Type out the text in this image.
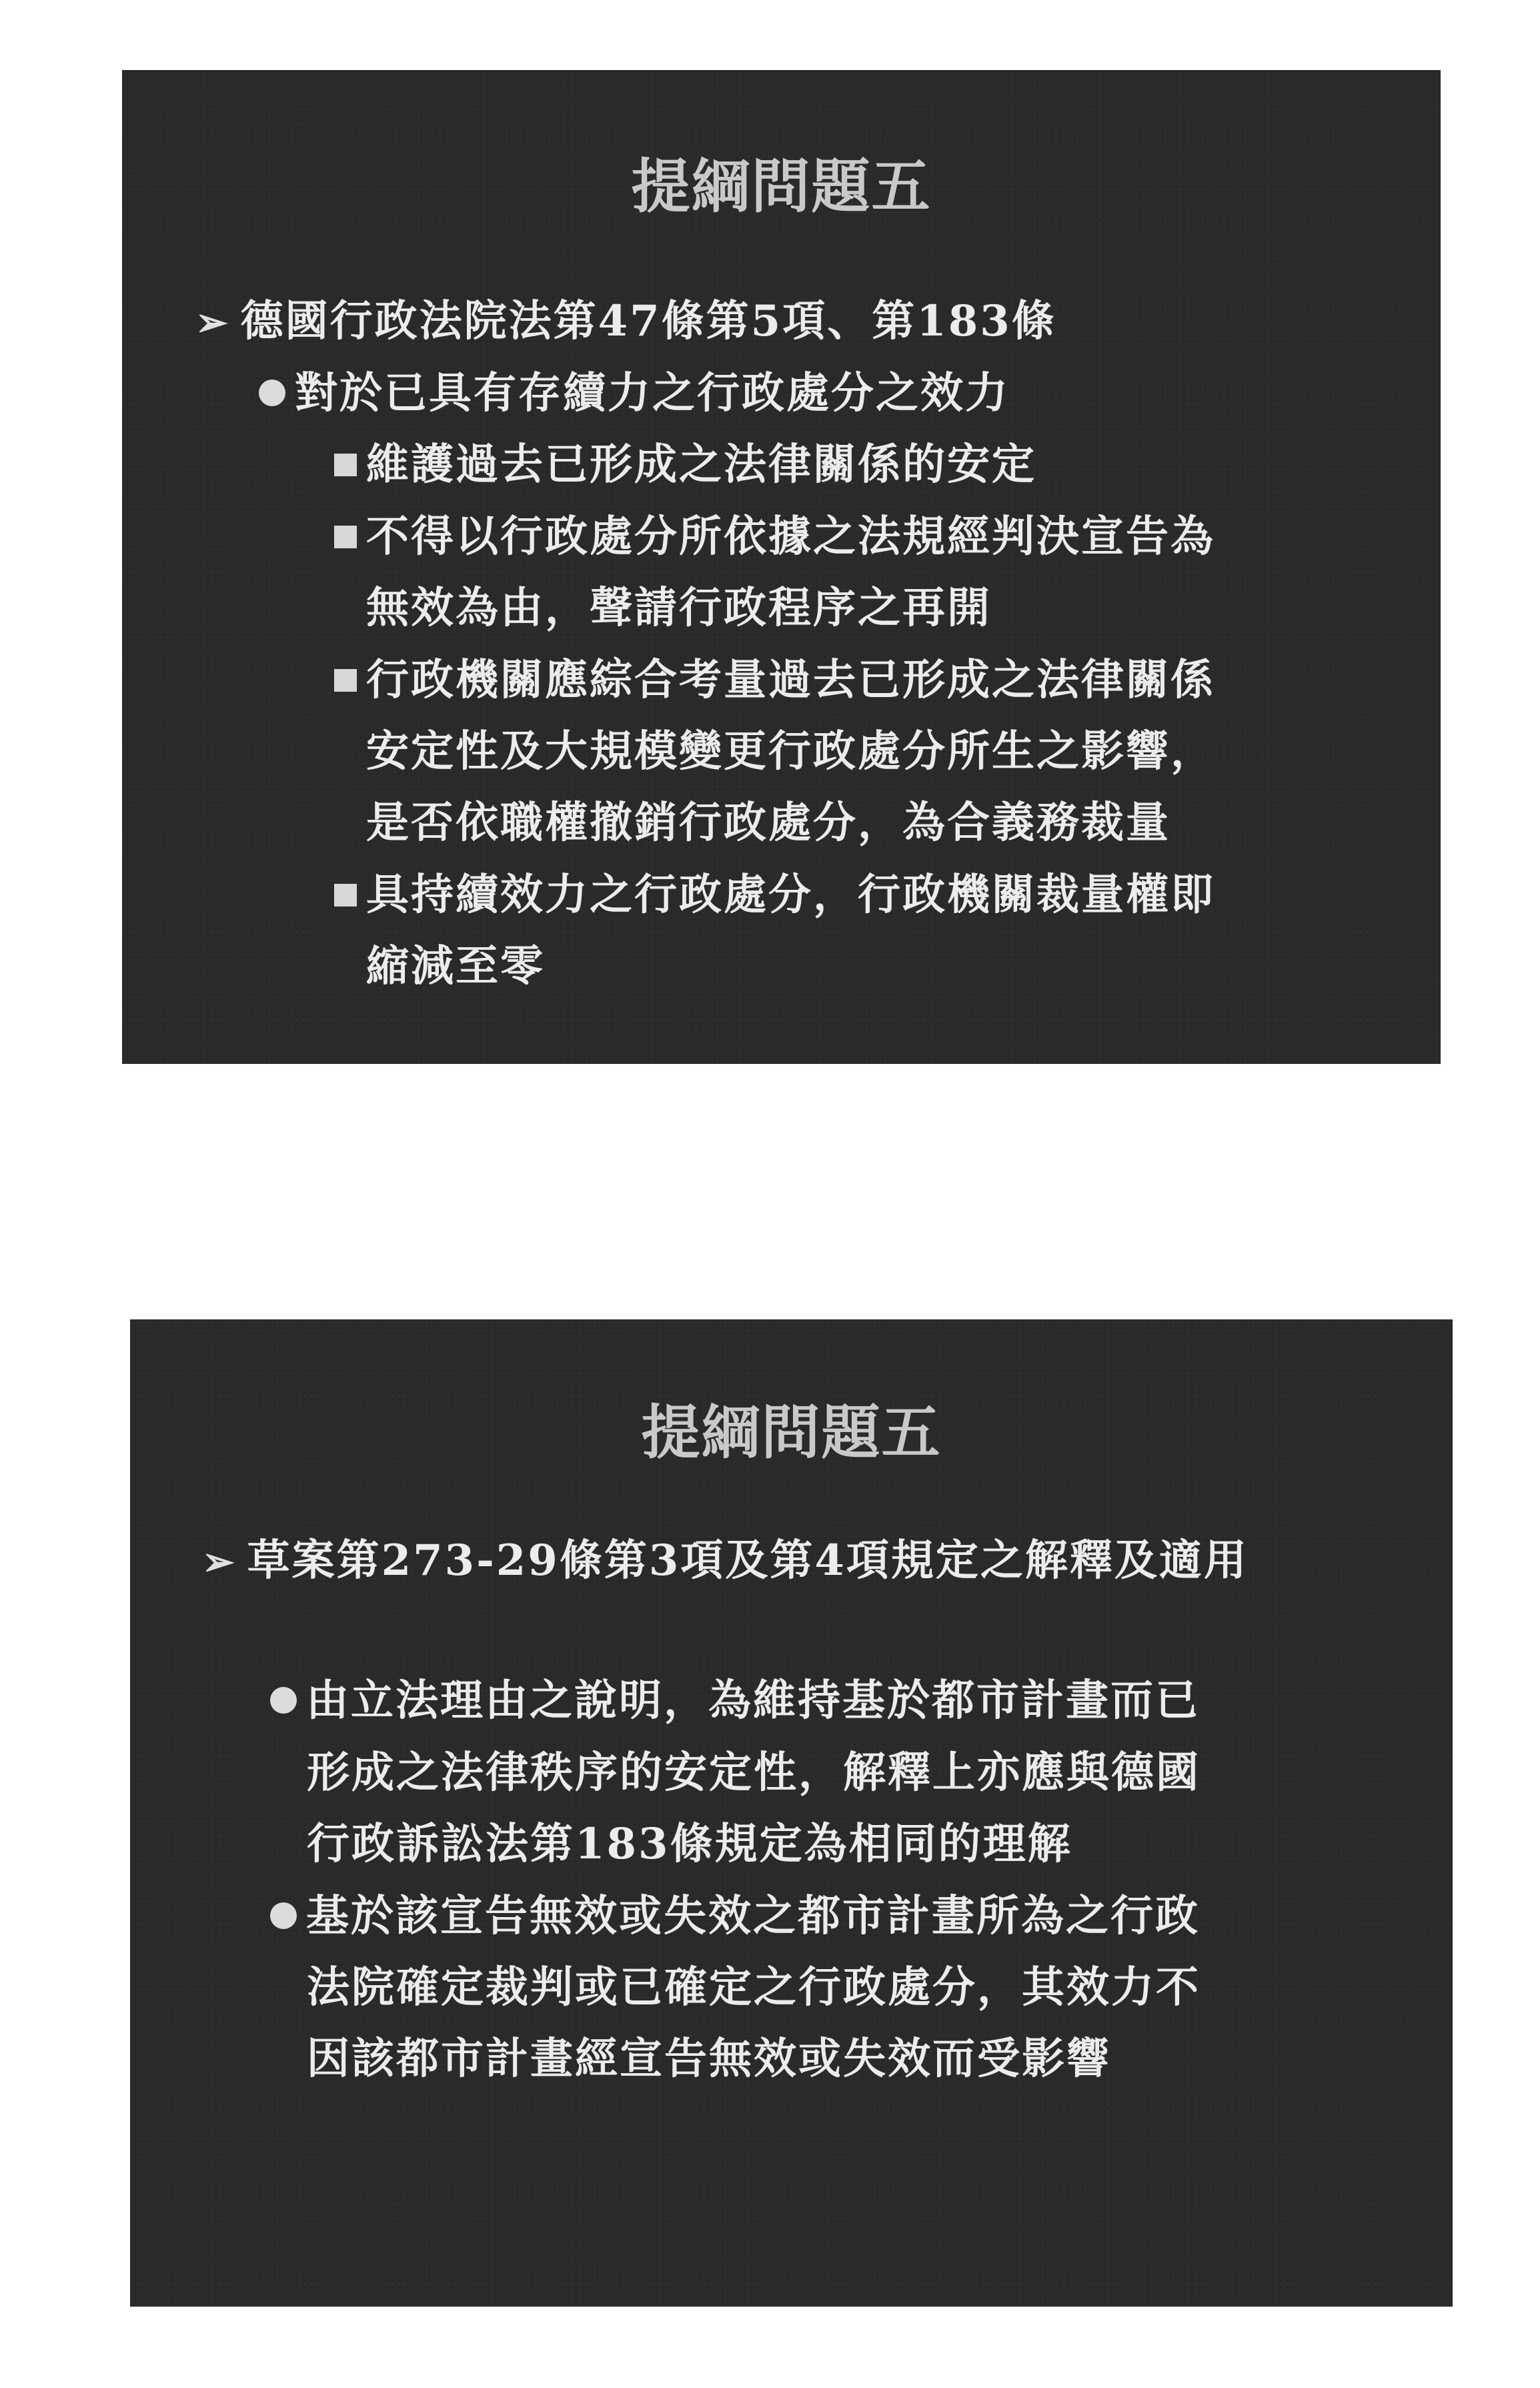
提綱問題五
➢ 德國行政法院法第47條第5項、第183條
對於已具有存續力之行政處分之效力
維護過去已形成之法律關係的安定
不得以行政處分所依據之法規經判決宣告為
無效為由，聲請行政程序之再開
行政機關應綜合考量過去已形成之法律關係
安定性及大規模變更行政處分所生之影響，
是否依職權撤銷行政處分，為合義務裁量
具持續效力之行政處分，行政機關裁量權即
縮減至零
提綱問題五
➢ 草案第273-29條第3項及第4項規定之解釋及適用
由立法理由之說明，為維持基於都市計畫而已
形成之法律秩序的安定性，解釋上亦應與德國
行政訴訟法第183條規定為相同的理解
基於該宣告無效或失效之都市計畫所為之行政
法院確定裁判或已確定之行政處分，其效力不
因該都市計畫經宣告無效或失效而受影響
